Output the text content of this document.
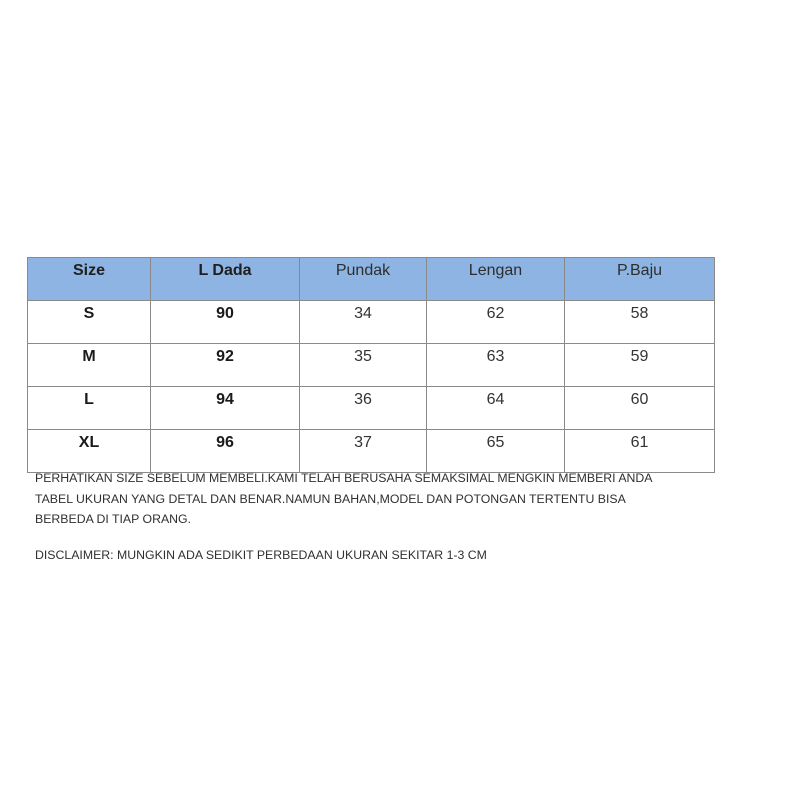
Size	L Dada	Pundak	Lengan	P.Baju
S	90	34	62	58
M	92	35	63	59
L	94	36	64	60
XL	96	37	65	61
PERHATIKAN SIZE SEBELUM MEMBELI.KAMI TELAH BERUSAHA SEMAKSIMAL MENGKIN MEMBERI ANDA
TABEL UKURAN YANG DETAL DAN BENAR.NAMUN BAHAN,MODEL DAN POTONGAN TERTENTU BISA
BERBEDA DI TIAP ORANG.
DISCLAIMER: MUNGKIN ADA SEDIKIT PERBEDAAN UKURAN SEKITAR 1-3 CM
